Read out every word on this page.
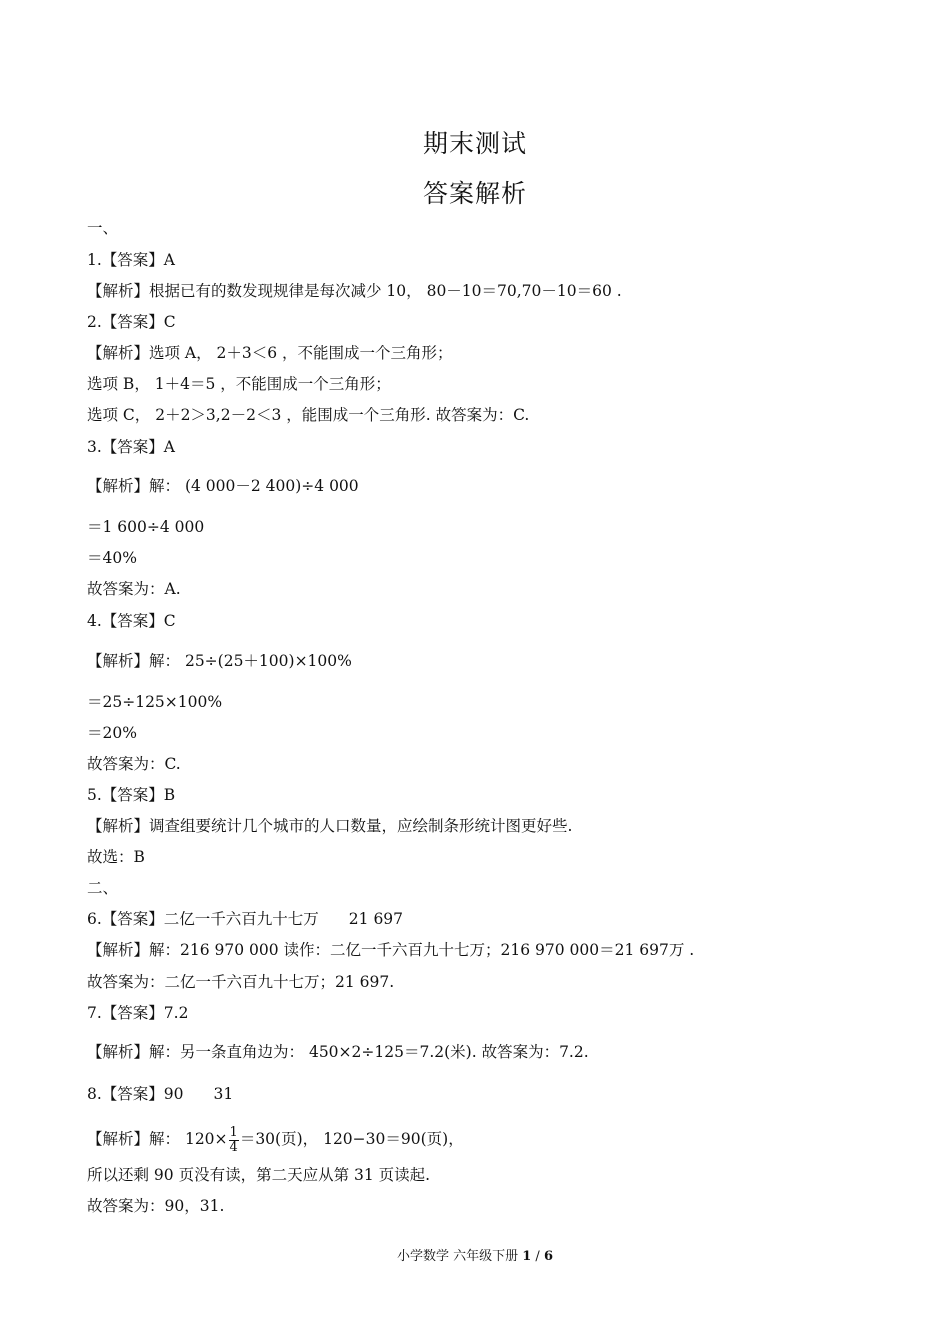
期末测试
答案解析
一、
1.【答案】A
【解析】根据已有的数发现规律是每次减少 10， 80－10＝70,70－10＝60 .
2.【答案】C
【解析】选项 A， 2＋3＜6 ，不能围成一个三角形；
选项 B， 1＋4＝5 ，不能围成一个三角形；
选项 C， 2＋2＞3,2－2＜3 ，能围成一个三角形. 故答案为：C.
3.【答案】A
【解析】解： (4 000－2 400)÷4 000
＝1 600÷4 000
＝40%
故答案为：A.
4.【答案】C
【解析】解： 25÷(25＋100)×100%
＝25÷125×100%
＝20%
故答案为：C.
5.【答案】B
【解析】调查组要统计几个城市的人口数量，应绘制条形统计图更好些.
故选：B
二、
6.【答案】二亿一千六百九十七万 21 697
【解析】解：216 970 000 读作：二亿一千六百九十七万；216 970 000＝21 697万 .
故答案为：二亿一千六百九十七万；21 697.
7.【答案】7.2
【解析】解：另一条直角边为： 450×2÷125＝7.2(米). 故答案为：7.2.
8.【答案】90 31
【解析】解： $120\times \frac{1}{4} =30$(页)， 120−30＝90(页)，
所以还剩 90 页没有读，第二天应从第 31 页读起.
故答案为：90，31.
小学数学 六年级下册 1 / 6
